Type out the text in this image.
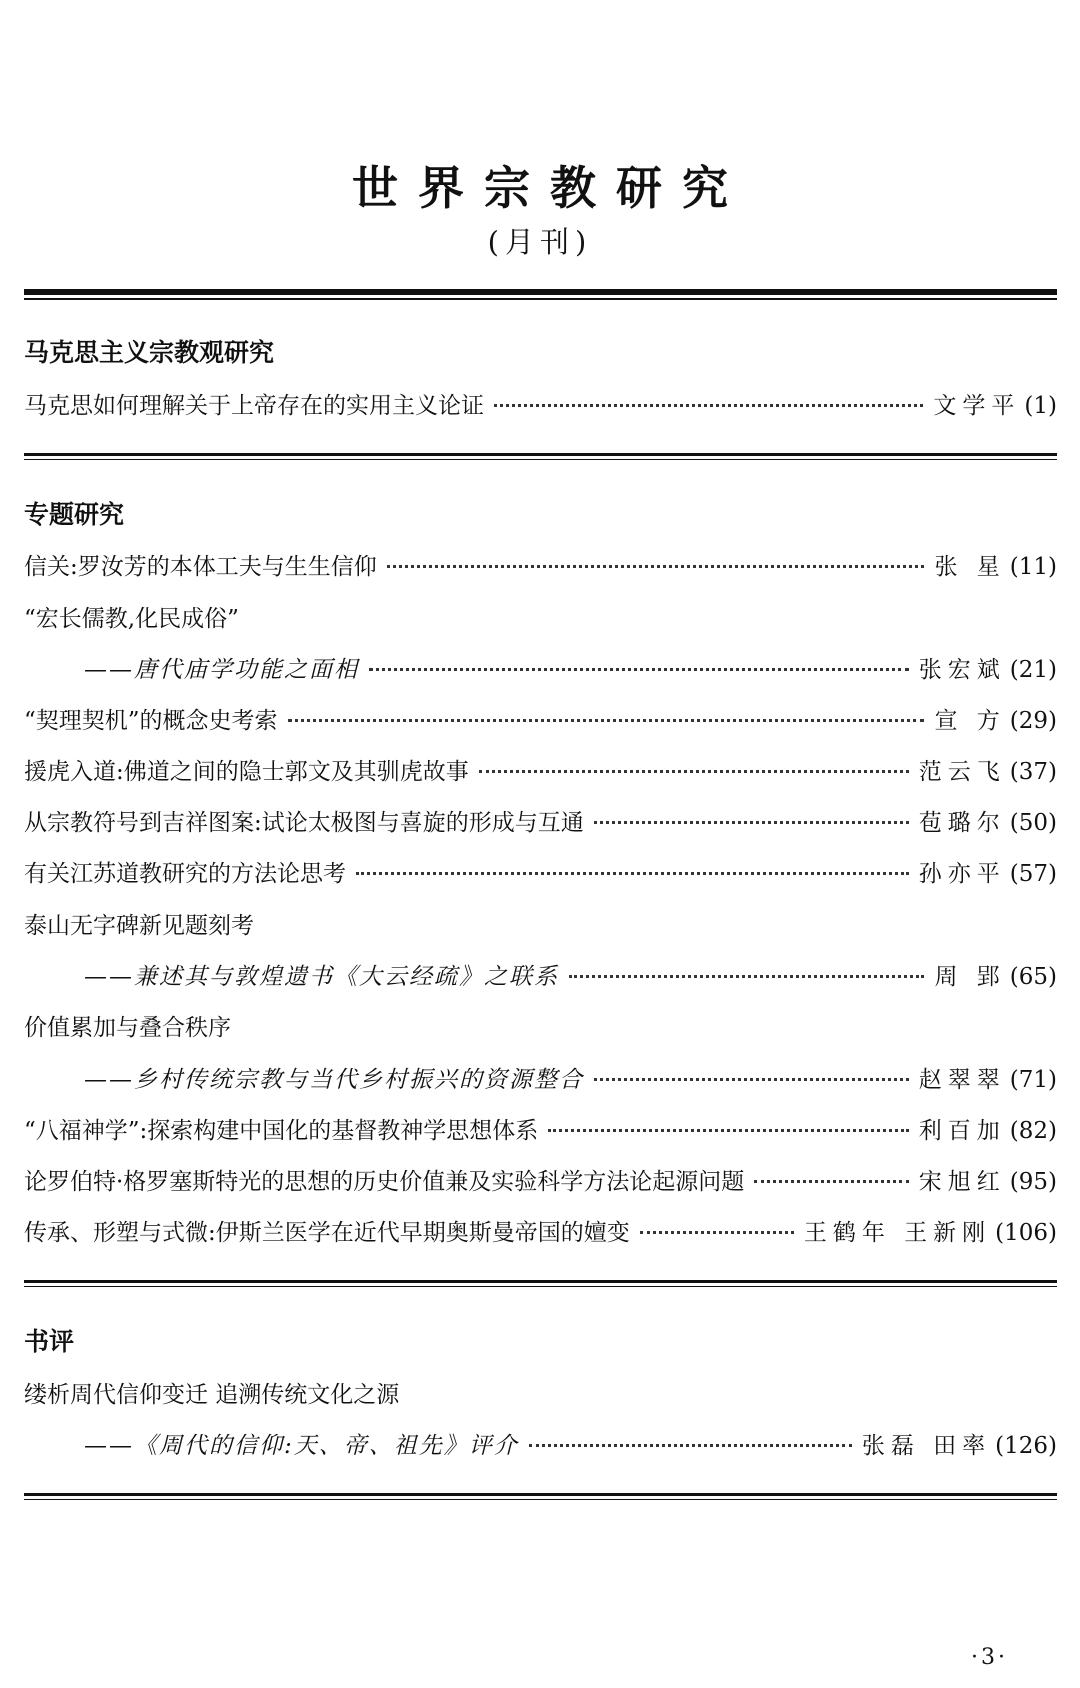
世界宗教研究
(月刊)
马克思主义宗教观研究
马克思如何理解关于上帝存在的实用主义论证	文学平 (1)
专题研究
信关:罗汝芳的本体工夫与生生信仰	张 星 (11)
“宏长儒教,化民成俗”
——唐代庙学功能之面相	张宏斌 (21)
“契理契机”的概念史考索	宣 方 (29)
援虎入道:佛道之间的隐士郭文及其驯虎故事	范云飞 (37)
从宗教符号到吉祥图案:试论太极图与喜旋的形成与互通	苞璐尔 (50)
有关江苏道教研究的方法论思考	孙亦平 (57)
泰山无字碑新见题刻考
——兼述其与敦煌遗书《大云经疏》之联系	周 郢 (65)
价值累加与叠合秩序
——乡村传统宗教与当代乡村振兴的资源整合	赵翠翠 (71)
“八福神学”:探索构建中国化的基督教神学思想体系	利百加 (82)
论罗伯特·格罗塞斯特光的思想的历史价值兼及实验科学方法论起源问题	宋旭红 (95)
传承、形塑与式微:伊斯兰医学在近代早期奥斯曼帝国的嬗变	王鹤年 王新刚 (106)
书评
缕析周代信仰变迁 追溯传统文化之源
——《周代的信仰:天、帝、祖先》评介	张磊 田率 (126)
·3·
